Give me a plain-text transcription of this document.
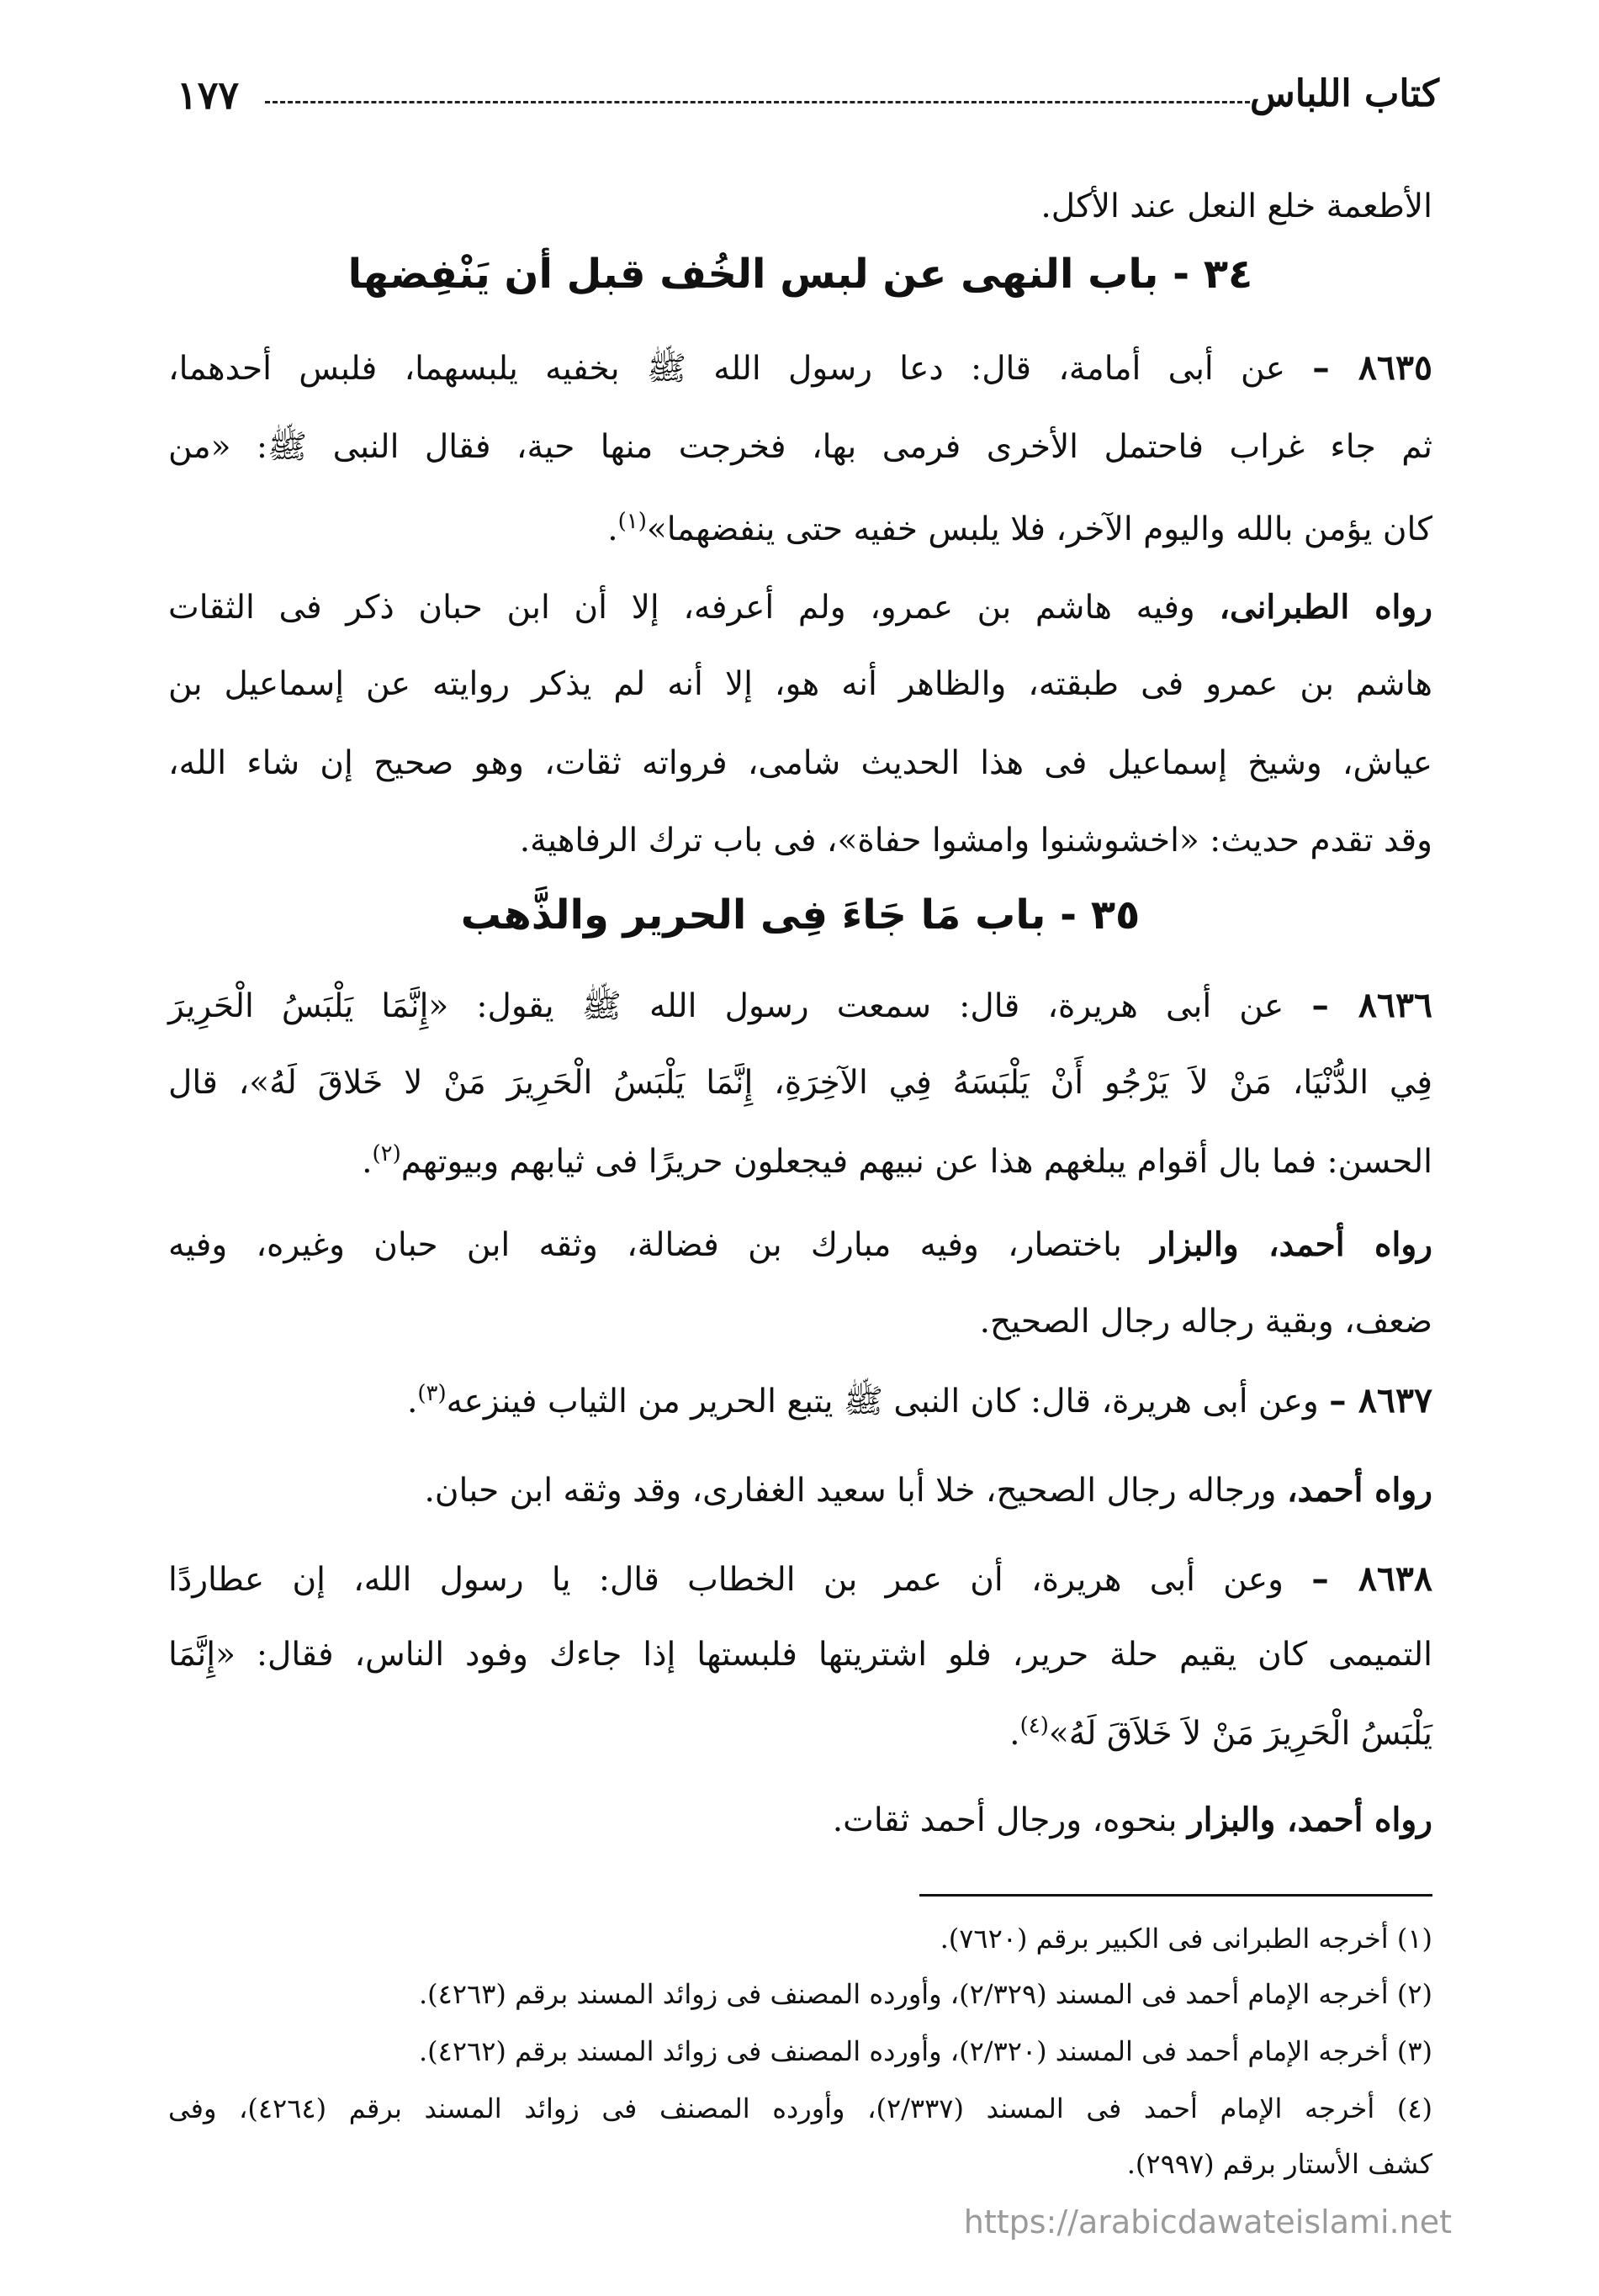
كتاب اللباس
١٧٧
الأطعمة خلع النعل عند الأكل.
٣٤ - باب النهى عن لبس الخُف قبل أن يَنْفِضها
٨٦٣٥ – عن أبى أمامة، قال: دعا رسول الله ﷺ بخفيه يلبسهما، فلبس أحدهما،
ثم جاء غراب فاحتمل الأخرى فرمى بها، فخرجت منها حية، فقال النبى ﷺ: «من
كان يؤمن بالله واليوم الآخر، فلا يلبس خفيه حتى ينفضهما»$^{(١)}$.
رواه الطبرانى، وفيه هاشم بن عمرو، ولم أعرفه، إلا أن ابن حبان ذكر فى الثقات
هاشم بن عمرو فى طبقته، والظاهر أنه هو، إلا أنه لم يذكر روايته عن إسماعيل بن
عياش، وشيخ إسماعيل فى هذا الحديث شامى، فرواته ثقات، وهو صحيح إن شاء الله،
وقد تقدم حديث: «اخشوشنوا وامشوا حفاة»، فى باب ترك الرفاهية.
٣٥ - باب مَا جَاءَ فِى الحرير والذَّهب
٨٦٣٦ – عن أبى هريرة، قال: سمعت رسول الله ﷺ يقول: «إِنَّمَا يَلْبَسُ الْحَرِيرَ
فِي الدُّنْيَا، مَنْ لاَ يَرْجُو أَنْ يَلْبَسَهُ فِي الآخِرَةِ، إِنَّمَا يَلْبَسُ الْحَرِيرَ مَنْ لا خَلاقَ لَهُ»، قال
الحسن: فما بال أقوام يبلغهم هذا عن نبيهم فيجعلون حريرًا فى ثيابهم وبيوتهم$^{(٢)}$.
رواه أحمد، والبزار باختصار، وفيه مبارك بن فضالة، وثقه ابن حبان وغيره، وفيه
ضعف، وبقية رجاله رجال الصحيح.
٨٦٣٧ – وعن أبى هريرة، قال: كان النبى ﷺ يتبع الحرير من الثياب فينزعه$^{(٣)}$.
رواه أحمد، ورجاله رجال الصحيح، خلا أبا سعيد الغفارى، وقد وثقه ابن حبان.
٨٦٣٨ – وعن أبى هريرة، أن عمر بن الخطاب قال: يا رسول الله، إن عطاردًا
التميمى كان يقيم حلة حرير، فلو اشتريتها فلبستها إذا جاءك وفود الناس، فقال: «إِنَّمَا
يَلْبَسُ الْحَرِيرَ مَنْ لاَ خَلاَقَ لَهُ»$^{(٤)}$.
رواه أحمد، والبزار بنحوه، ورجال أحمد ثقات.
(١) أخرجه الطبرانى فى الكبير برقم (٧٦٢٠).
(٢) أخرجه الإمام أحمد فى المسند (٢/٣٢٩)، وأورده المصنف فى زوائد المسند برقم (٤٢٦٣).
(٣) أخرجه الإمام أحمد فى المسند (٢/٣٢٠)، وأورده المصنف فى زوائد المسند برقم (٤٢٦٢).
(٤) أخرجه الإمام أحمد فى المسند (٢/٣٣٧)، وأورده المصنف فى زوائد المسند برقم (٤٢٦٤)، وفى
كشف الأستار برقم (٢٩٩٧).
https://arabicdawateislami.net
